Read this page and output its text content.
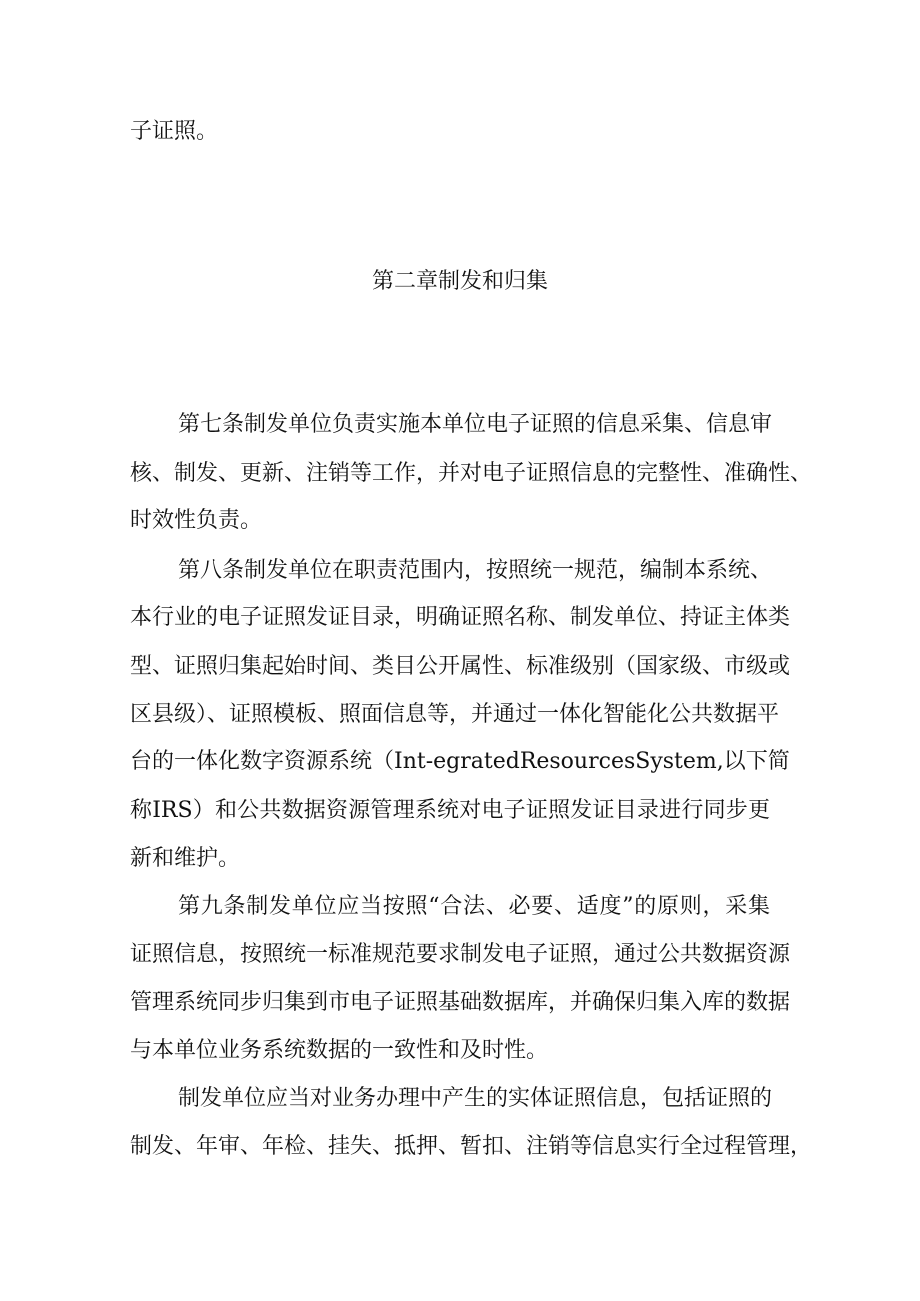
子证照。
第二章制发和归集
第七条制发单位负责实施本单位电子证照的信息采集、信息审
核、制发、更新、注销等工作，并对电子证照信息的完整性、准确性、
时效性负责。
第八条制发单位在职责范围内，按照统一规范，编制本系统、
本行业的电子证照发证目录，明确证照名称、制发单位、持证主体类
型、证照归集起始时间、类目公开属性、标准级别（国家级、市级或
区县级）、证照模板、照面信息等，并通过一体化智能化公共数据平
台的一体化数字资源系统（Int-egratedResourcesSystem,以下简
称IRS）和公共数据资源管理系统对电子证照发证目录进行同步更
新和维护。
第九条制发单位应当按照“合法、必要、适度”的原则，采集
证照信息，按照统一标准规范要求制发电子证照，通过公共数据资源
管理系统同步归集到市电子证照基础数据库，并确保归集入库的数据
与本单位业务系统数据的一致性和及时性。
制发单位应当对业务办理中产生的实体证照信息，包括证照的
制发、年审、年检、挂失、抵押、暂扣、注销等信息实行全过程管理，
